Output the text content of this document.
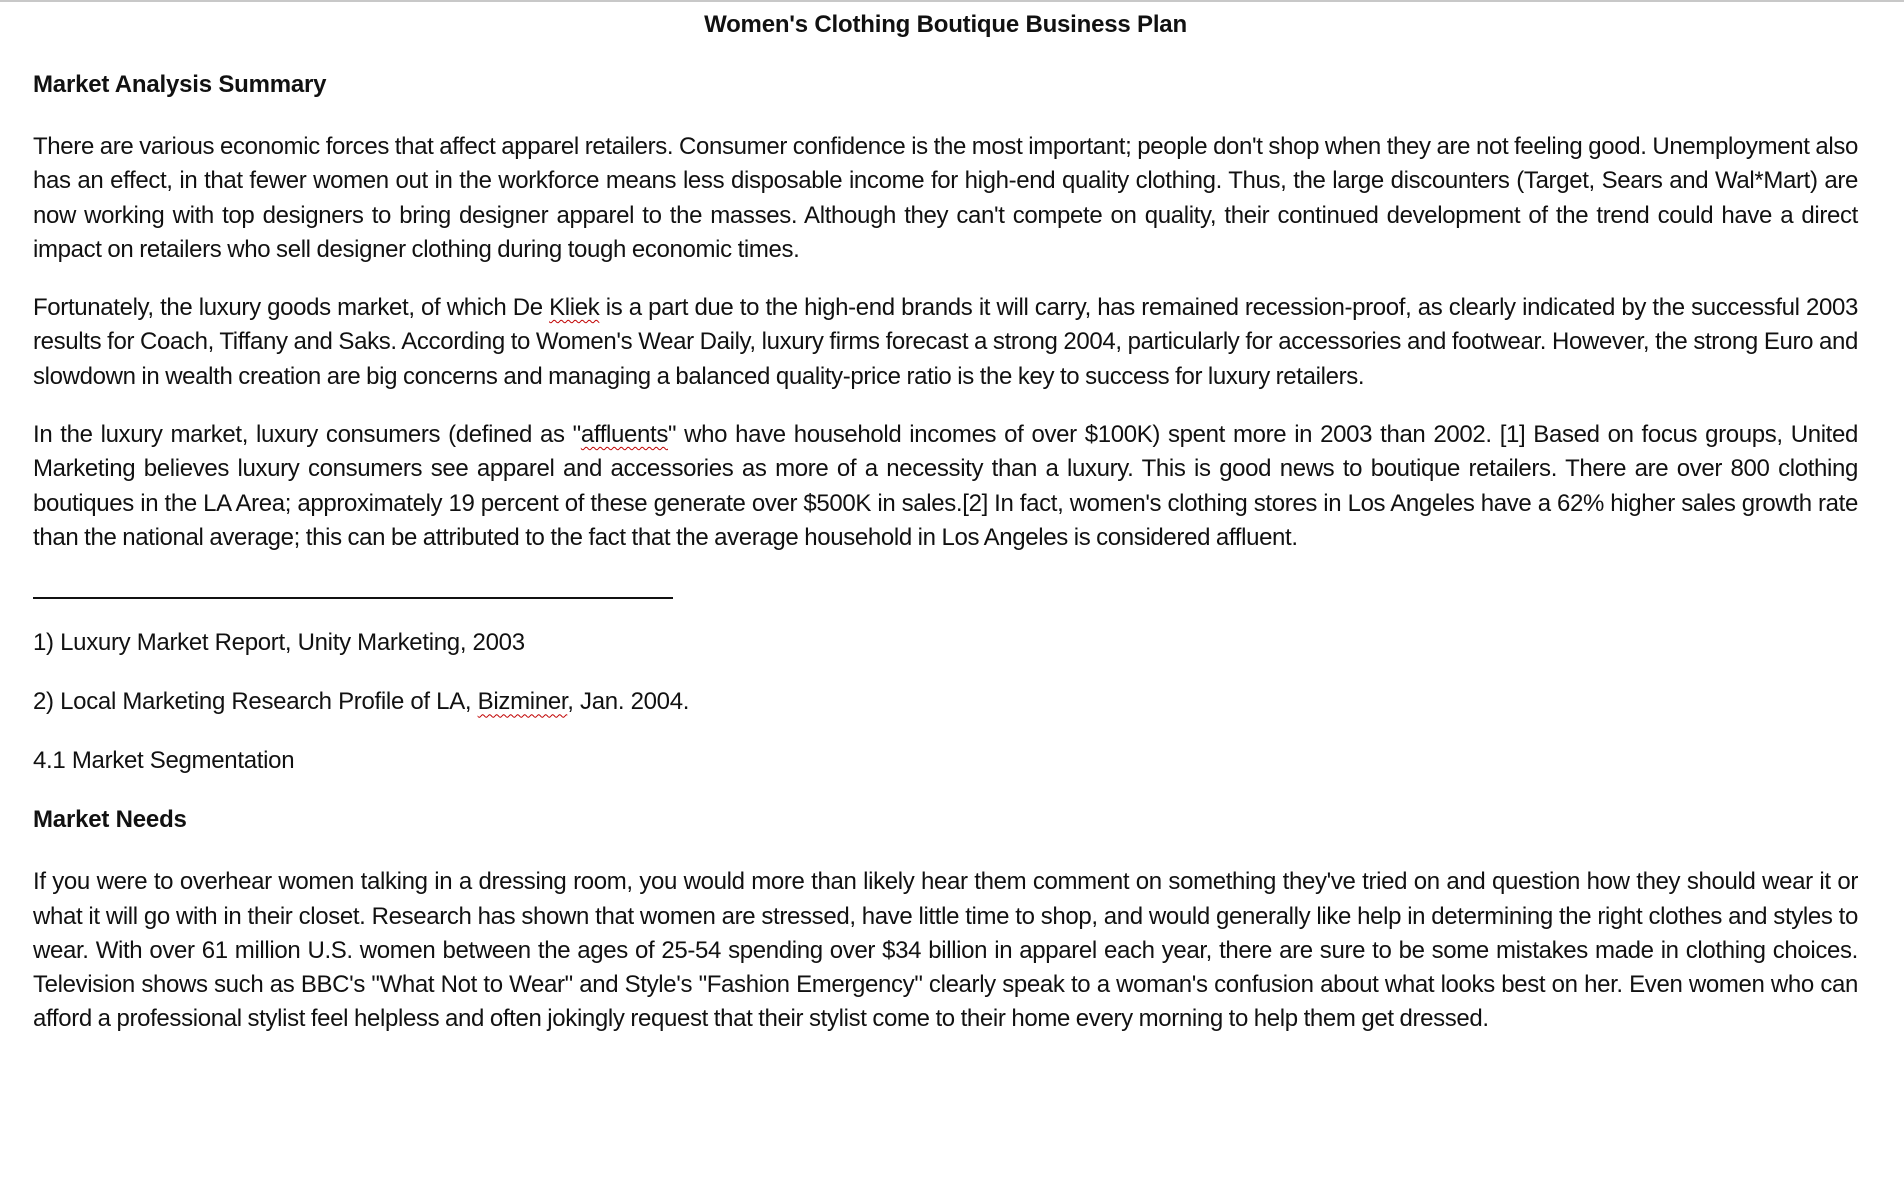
Women's Clothing Boutique Business Plan
Market Analysis Summary

There are various economic forces that affect apparel retailers. Consumer confidence is the most important; people don't shop when they are not feeling good. Unemployment also has an effect, in that fewer women out in the workforce means less disposable income for high-end quality clothing. Thus, the large discounters (Target, Sears and Wal*Mart) are now working with top designers to bring designer apparel to the masses. Although they can't compete on quality, their continued development of the trend could have a direct impact on retailers who sell designer clothing during tough economic times.

Fortunately, the luxury goods market, of which De Kliek is a part due to the high-end brands it will carry, has remained recession-proof, as clearly indicated by the successful 2003 results for Coach, Tiffany and Saks. According to Women's Wear Daily, luxury firms forecast a strong 2004, particularly for accessories and footwear. However, the strong Euro and slowdown in wealth creation are big concerns and managing a balanced quality-price ratio is the key to success for luxury retailers.

In the luxury market, luxury consumers (defined as "affluents" who have household incomes of over $100K) spent more in 2003 than 2002. [1] Based on focus groups, United Marketing believes luxury consumers see apparel and accessories as more of a necessity than a luxury. This is good news to boutique retailers. There are over 800 clothing boutiques in the LA Area; approximately 19 percent of these generate over $500K in sales.[2] In fact, women's clothing stores in Los Angeles have a 62% higher sales growth rate than the national average; this can be attributed to the fact that the average household in Los Angeles is considered affluent.

1) Luxury Market Report, Unity Marketing, 2003

2) Local Marketing Research Profile of LA, Bizminer, Jan. 2004.

4.1 Market Segmentation

Market Needs

If you were to overhear women talking in a dressing room, you would more than likely hear them comment on something they've tried on and question how they should wear it or what it will go with in their closet. Research has shown that women are stressed, have little time to shop, and would generally like help in determining the right clothes and styles to wear. With over 61 million U.S. women between the ages of 25-54 spending over $34 billion in apparel each year, there are sure to be some mistakes made in clothing choices. Television shows such as BBC's "What Not to Wear" and Style's "Fashion Emergency" clearly speak to a woman's confusion about what looks best on her. Even women who can afford a professional stylist feel helpless and often jokingly request that their stylist come to their home every morning to help them get dressed.
